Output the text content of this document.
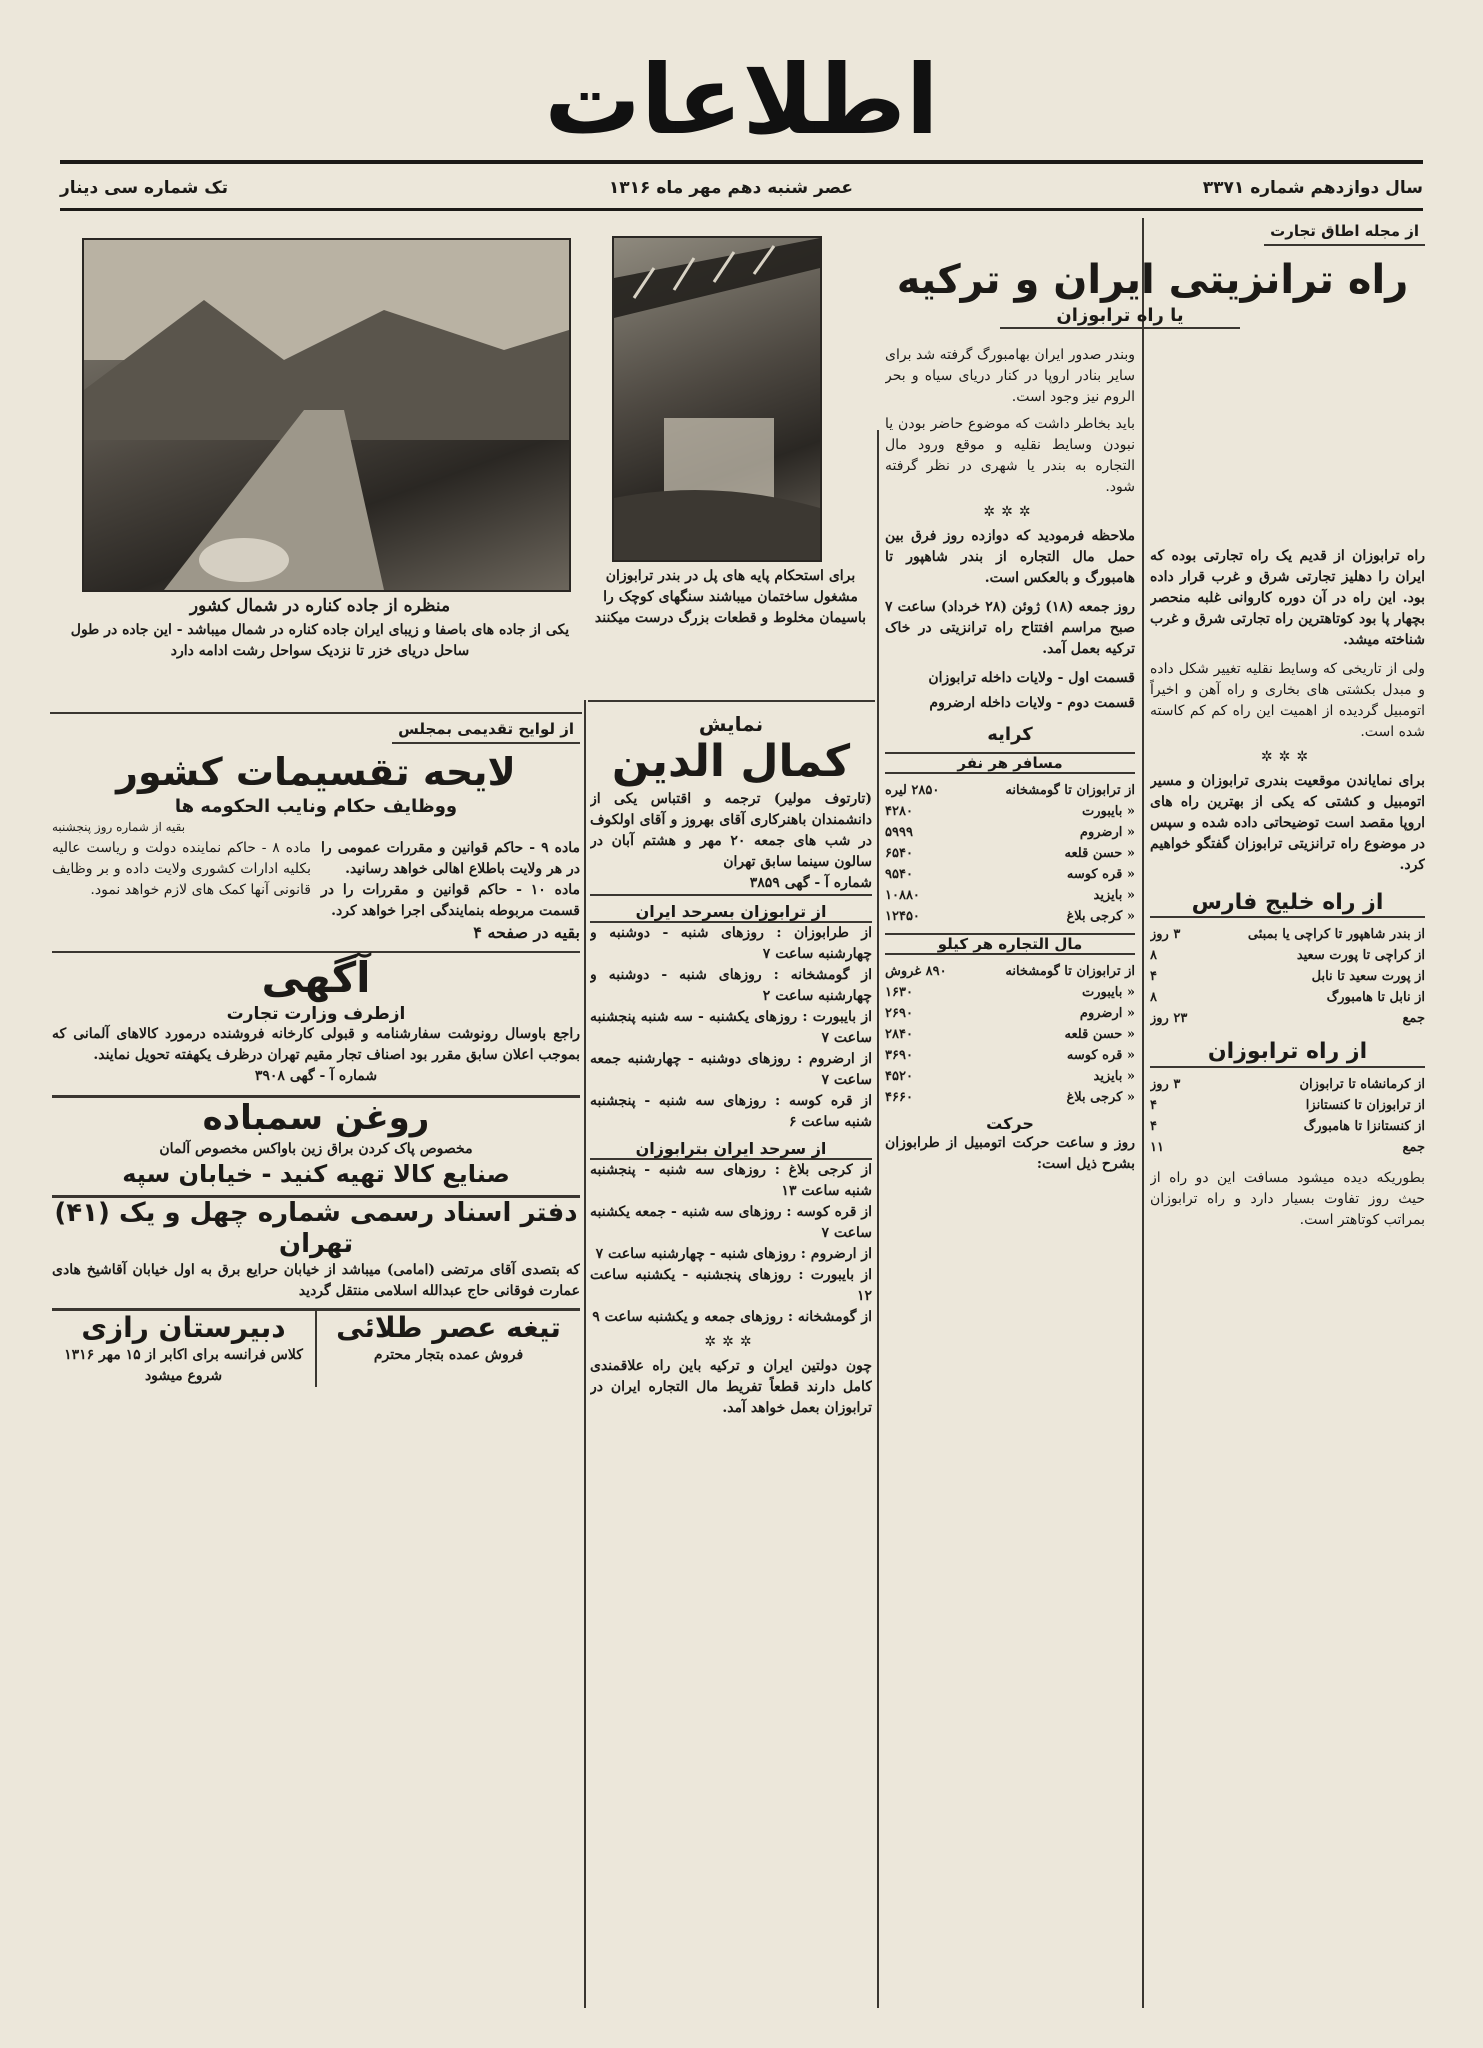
اطلاعات
سال دوازدهم شماره ۳۳۷۱
عصر شنبه دهم مهر ماه ۱۳۱۶
تک شماره سی دینار
از مجله اطاق تجارت
راه ترابوزان از قدیم یک راه تجارتی بوده که ایران را دهلیز تجارتی شرق و غرب قرار داده بود. این راه در آن دوره کاروانی غلبه منحصر بچهار پا بود کوتاهترین راه تجارتی شرق و غرب شناخته میشد.
ولی از تاریخی که وسایط نقلیه تغییر شکل داده و مبدل بکشتی های بخاری و راه آهن و اخیراً اتومبیل گردیده از اهمیت این راه کم کم کاسته شده است.
✲✲✲
برای نمایاندن موقعیت بندری ترابوزان و مسیر اتومبیل و کشتی که یکی از بهترین راه های اروپا مقصد است توضیحاتی داده شده و سپس در موضوع راه ترانزیتی ترابوزان گفتگو خواهیم کرد.
از راه خلیج فارس
از بندر شاهپور تا کراچی یا بمبئی
۳ روز
از کراچی تا پورت سعید
۸
از پورت سعید تا نابل
۴
از نابل تا هامبورگ
۸
جمع
۲۳ روز
از راه ترابوزان
از کرمانشاه تا ترابوزان
۳ روز
از ترابوزان تا کنستانزا
۴
از کنستانزا تا هامبورگ
۴
جمع
۱۱
بطوریکه دیده میشود مسافت این دو راه از حیث روز تفاوت بسیار دارد و راه ترابوزان بمراتب کوتاهتر است.
راه ترانزیتی ایران و ترکیه
یا راه ترابوزان
وبندر صدور ایران بهامبورگ گرفته شد برای سایر بنادر اروپا در کنار دریای سیاه و بحر الروم نیز وجود است.
باید بخاطر داشت که موضوع حاضر بودن یا نبودن وسایط نقلیه و موقع ورود مال التجاره به بندر یا شهری در نظر گرفته شود.
✲✲✲
ملاحظه فرمودید که دوازده روز فرق بین حمل مال التجاره از بندر شاهپور تا هامبورگ و بالعکس است.
روز جمعه (۱۸) ژوئن (۲۸ خرداد) ساعت ۷ صبح مراسم افتتاح راه ترانزیتی در خاک ترکیه بعمل آمد.
قسمت اول - ولایات داخله ترابوزان
قسمت دوم - ولایات داخله ارضروم
کرایه
مسافر هر نفر
از ترابوزان تا گومشخانه
۲۸۵۰ لیره
« بایبورت
۴۲۸۰
« ارضروم
۵۹۹۹
« حسن قلعه
۶۵۴۰
« قره کوسه
۹۵۴۰
« بایزید
۱۰۸۸۰
« کرجی بلاغ
۱۲۴۵۰
مال التجاره هر کیلو
از ترابوزان تا گومشخانه
۸۹۰ غروش
« بایبورت
۱۶۳۰
« ارضروم
۲۶۹۰
« حسن قلعه
۲۸۴۰
« قره کوسه
۳۶۹۰
« بایزید
۴۵۲۰
« کرجی بلاغ
۴۶۶۰
حرکت
روز و ساعت حرکت اتومبیل از طرابوزان بشرح ذیل است:
برای استحکام پایه های پل در بندر ترابوزان مشغول ساختمان میباشند سنگهای کوچک را باسیمان مخلوط و قطعات بزرگ درست میکنند
نمایش
کمال الدین
(تارتوف مولیر) ترجمه و اقتباس یکی از دانشمندان باهنرکاری آقای بهروز و آقای اولکوف در شب های جمعه ۲۰ مهر و هشتم آبان در سالون سینما سابق تهران
شماره آ - گهی ۳۸۵۹
از ترابوزان بسرحد ایران
از طرابوزان : روزهای شنبه - دوشنبه و چهارشنبه ساعت ۷
از گومشخانه : روزهای شنبه - دوشنبه و چهارشنبه ساعت ۲
از بایبورت : روزهای یکشنبه - سه شنبه پنجشنبه ساعت ۷
از ارضروم : روزهای دوشنبه - چهارشنبه جمعه ساعت ۷
از قره کوسه : روزهای سه شنبه - پنجشنبه شنبه ساعت ۶
از سرحد ایران بترابوزان
از کرجی بلاغ : روزهای سه شنبه - پنجشنبه شنبه ساعت ۱۳
از قره کوسه : روزهای سه شنبه - جمعه یکشنبه ساعت ۷
از ارضروم : روزهای شنبه - چهارشنبه ساعت ۷
از بایبورت : روزهای پنجشنبه - یکشنبه ساعت ۱۲
از گومشخانه : روزهای جمعه و یکشنبه ساعت ۹
✲✲✲
چون دولتین ایران و ترکیه باین راه علاقمندی کامل دارند قطعاً تفریط مال التجاره ایران در ترابوزان بعمل خواهد آمد.
منظره از جاده کناره در شمال کشور
یکی از جاده های باصفا و زیبای ایران جاده کناره در شمال میباشد - این جاده در طول ساحل دریای خزر تا نزدیک سواحل رشت ادامه دارد
از لوایح تقدیمی بمجلس
لایحه تقسیمات کشور
ووظایف حکام ونایب الحکومه ها
بقیه از شماره روز پنجشنبه
ماده ۹ - حاکم قوانین و مقررات عمومی را در هر ولایت باطلاع اهالی خواهد رسانید.
ماده ۱۰ - حاکم قوانین و مقررات را در قسمت مربوطه بنمایندگی اجرا خواهد کرد.
بقیه در صفحه ۴
ماده ۸ - حاکم نماینده دولت و ریاست عالیه بکلیه ادارات کشوری ولایت داده و بر وظایف قانونی آنها کمک های لازم خواهد نمود.
آگهی
ازطرف وزارت تجارت
راجع باوسال رونوشت سفارشنامه و قبولی کارخانه فروشنده درمورد کالاهای آلمانی که بموجب اعلان سابق مقرر بود اصناف تجار مقیم تهران درظرف یکهفته تحویل نمایند.
شماره آ - گهی ۳۹۰۸
روغن سمباده
مخصوص پاک کردن براق زین باواکس مخصوص آلمان
صنایع کالا تهیه کنید - خیابان سپه
دفتر اسناد رسمی شماره چهل و یک (۴۱) تهران
که بتصدی آقای مرتضی (امامی) میباشد از خیابان حرایع برق به اول خیابان آقاشیخ هادی عمارت فوقانی حاج عبدالله اسلامی منتقل گردید
تیغه عصر طلائی
فروش عمده بتجار محترم
دبیرستان رازی
کلاس فرانسه برای اکابر از ۱۵ مهر ۱۳۱۶ شروع میشود
